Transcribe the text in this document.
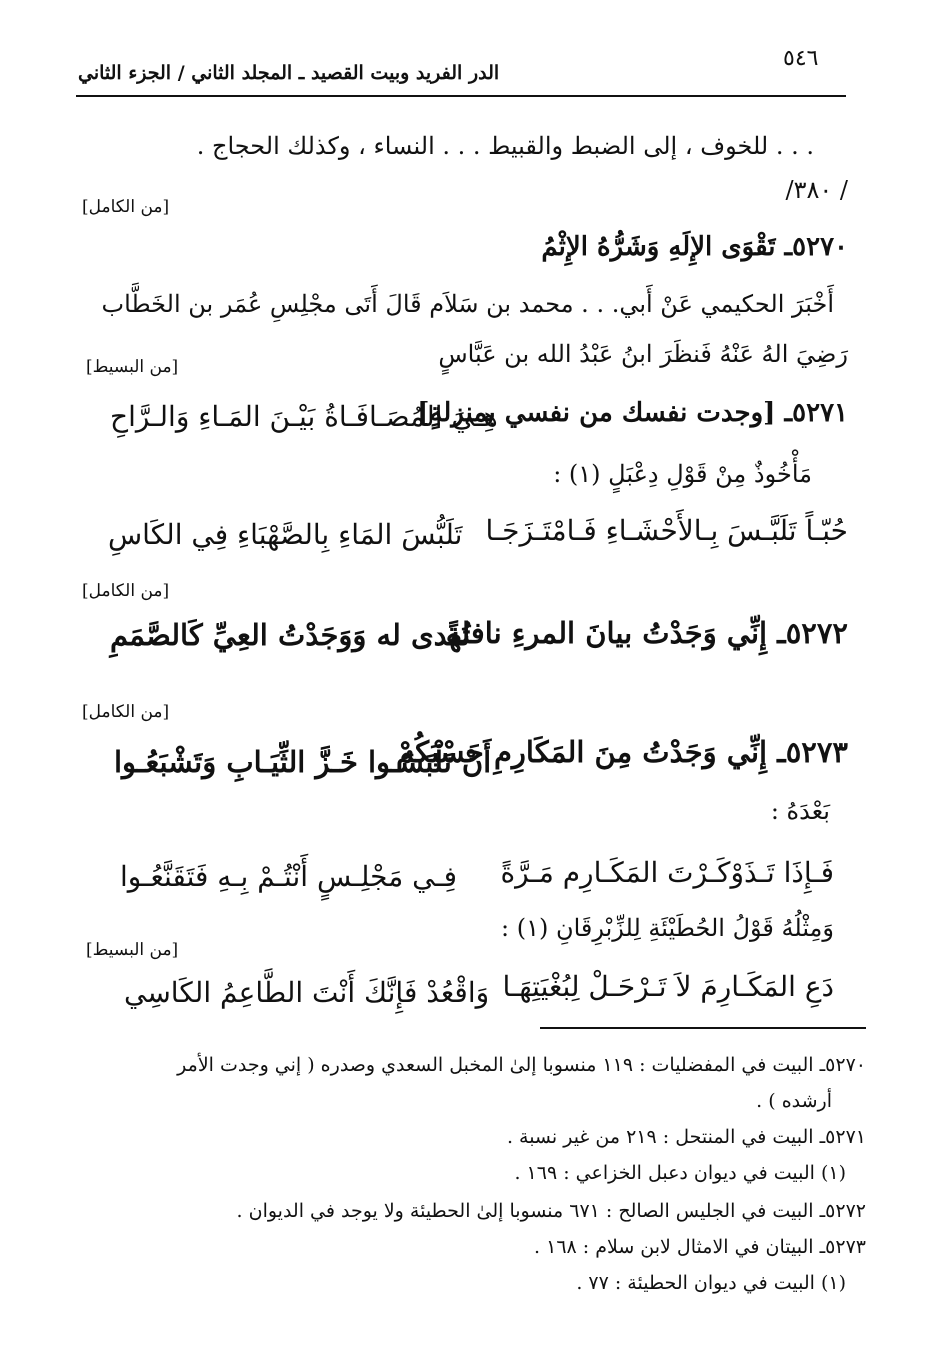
٥٤٦
الدر الفريد وبيت القصيد ـ المجلد الثاني / الجزء الثاني
. . . للخوف ، إلى الضبط والقبيط . . . النساء ، وكذلك الحجاج .
/ ٣٨٠/
[من الكامل]
٥٢٧٠ـ تَقْوَى الإِلَهِ وَشَرُّهُ الإِثْمُ
أَخْبَرَ الحكيمي عَنْ أَبي. . . محمد بن سَلاَم قَالَ أَتَى مجْلِسِ عُمَر بن الخَطَّاب
رَضِيَ الهُ عَنْهُ فَنظَرَ ابنُ عَبْدُ الله بن عَبَّاسٍ
[من البسيط]
٥٢٧١ـ [وجدت نفسك من نفسي بمنزلةٍ]
هِـيَ المُصَـافَـاةُ بَيْـنَ المَـاءِ وَالـرَّاحِ
مَأْخُوذٌ مِنْ قَوْلِ دِعْبَلٍ (١) :
حُبّـاً تَلَبَّـسَ بِـالأَحْشَـاءِ فَـامْتَـزَجَـا
تَلَبُّسَ المَاءِ بِالصَّهْبَاءِ فِي الكَاسِ
[من الكامل]
٥٢٧٢ـ إِنِّي وَجَدْتُ بيانَ المرءِ نافلةً
تُهدى له وَوَجَدْتُ العِيِّ كَالصَّمَمِ
[من الكامل]
٥٢٧٣ـ إِنِّي وَجَدْتُ مِنَ المَكَارِمِ حَسْبَكُمْ
أَنْ تَلْبَسُـوا خَـزَّ الثِّيَـابِ وَتَشْبَعُـوا
بَعْدَهُ :
فَـإِذَا تَـذَوْكَـرْتَ المَكَـارِم مَـرَّةً
فِـي مَجْلِـسٍ أَنْتُـمْ بِـهِ فَتَقَنَّعُـوا
وَمِثْلُهُ قَوْلُ الحُطَيْئَةِ لِلزِّبْرِقَانِ (١) :
[من البسيط]
دَعِ المَكَـارِمَ لاَ تَـرْحَـلْ لِبُغْيَتِهَـا
وَاقْعُدْ فَإِنَّكَ أَنْتَ الطَّاعِمُ الكَاسِي
٥٢٧٠ـ البيت في المفضليات : ١١٩ منسوبا إلىٰ المخبل السعدي وصدره ( إني وجدت الأمر
أرشده ) .
٥٢٧١ـ البيت في المنتحل : ٢١٩ من غير نسبة .
(١) البيت في ديوان دعبل الخزاعي : ١٦٩ .
٥٢٧٢ـ البيت في الجليس الصالح : ٦٧١ منسوبا إلىٰ الحطيئة ولا يوجد في الديوان .
٥٢٧٣ـ البيتان في الامثال لابن سلام : ١٦٨ .
(١) البيت في ديوان الحطيئة : ٧٧ .
